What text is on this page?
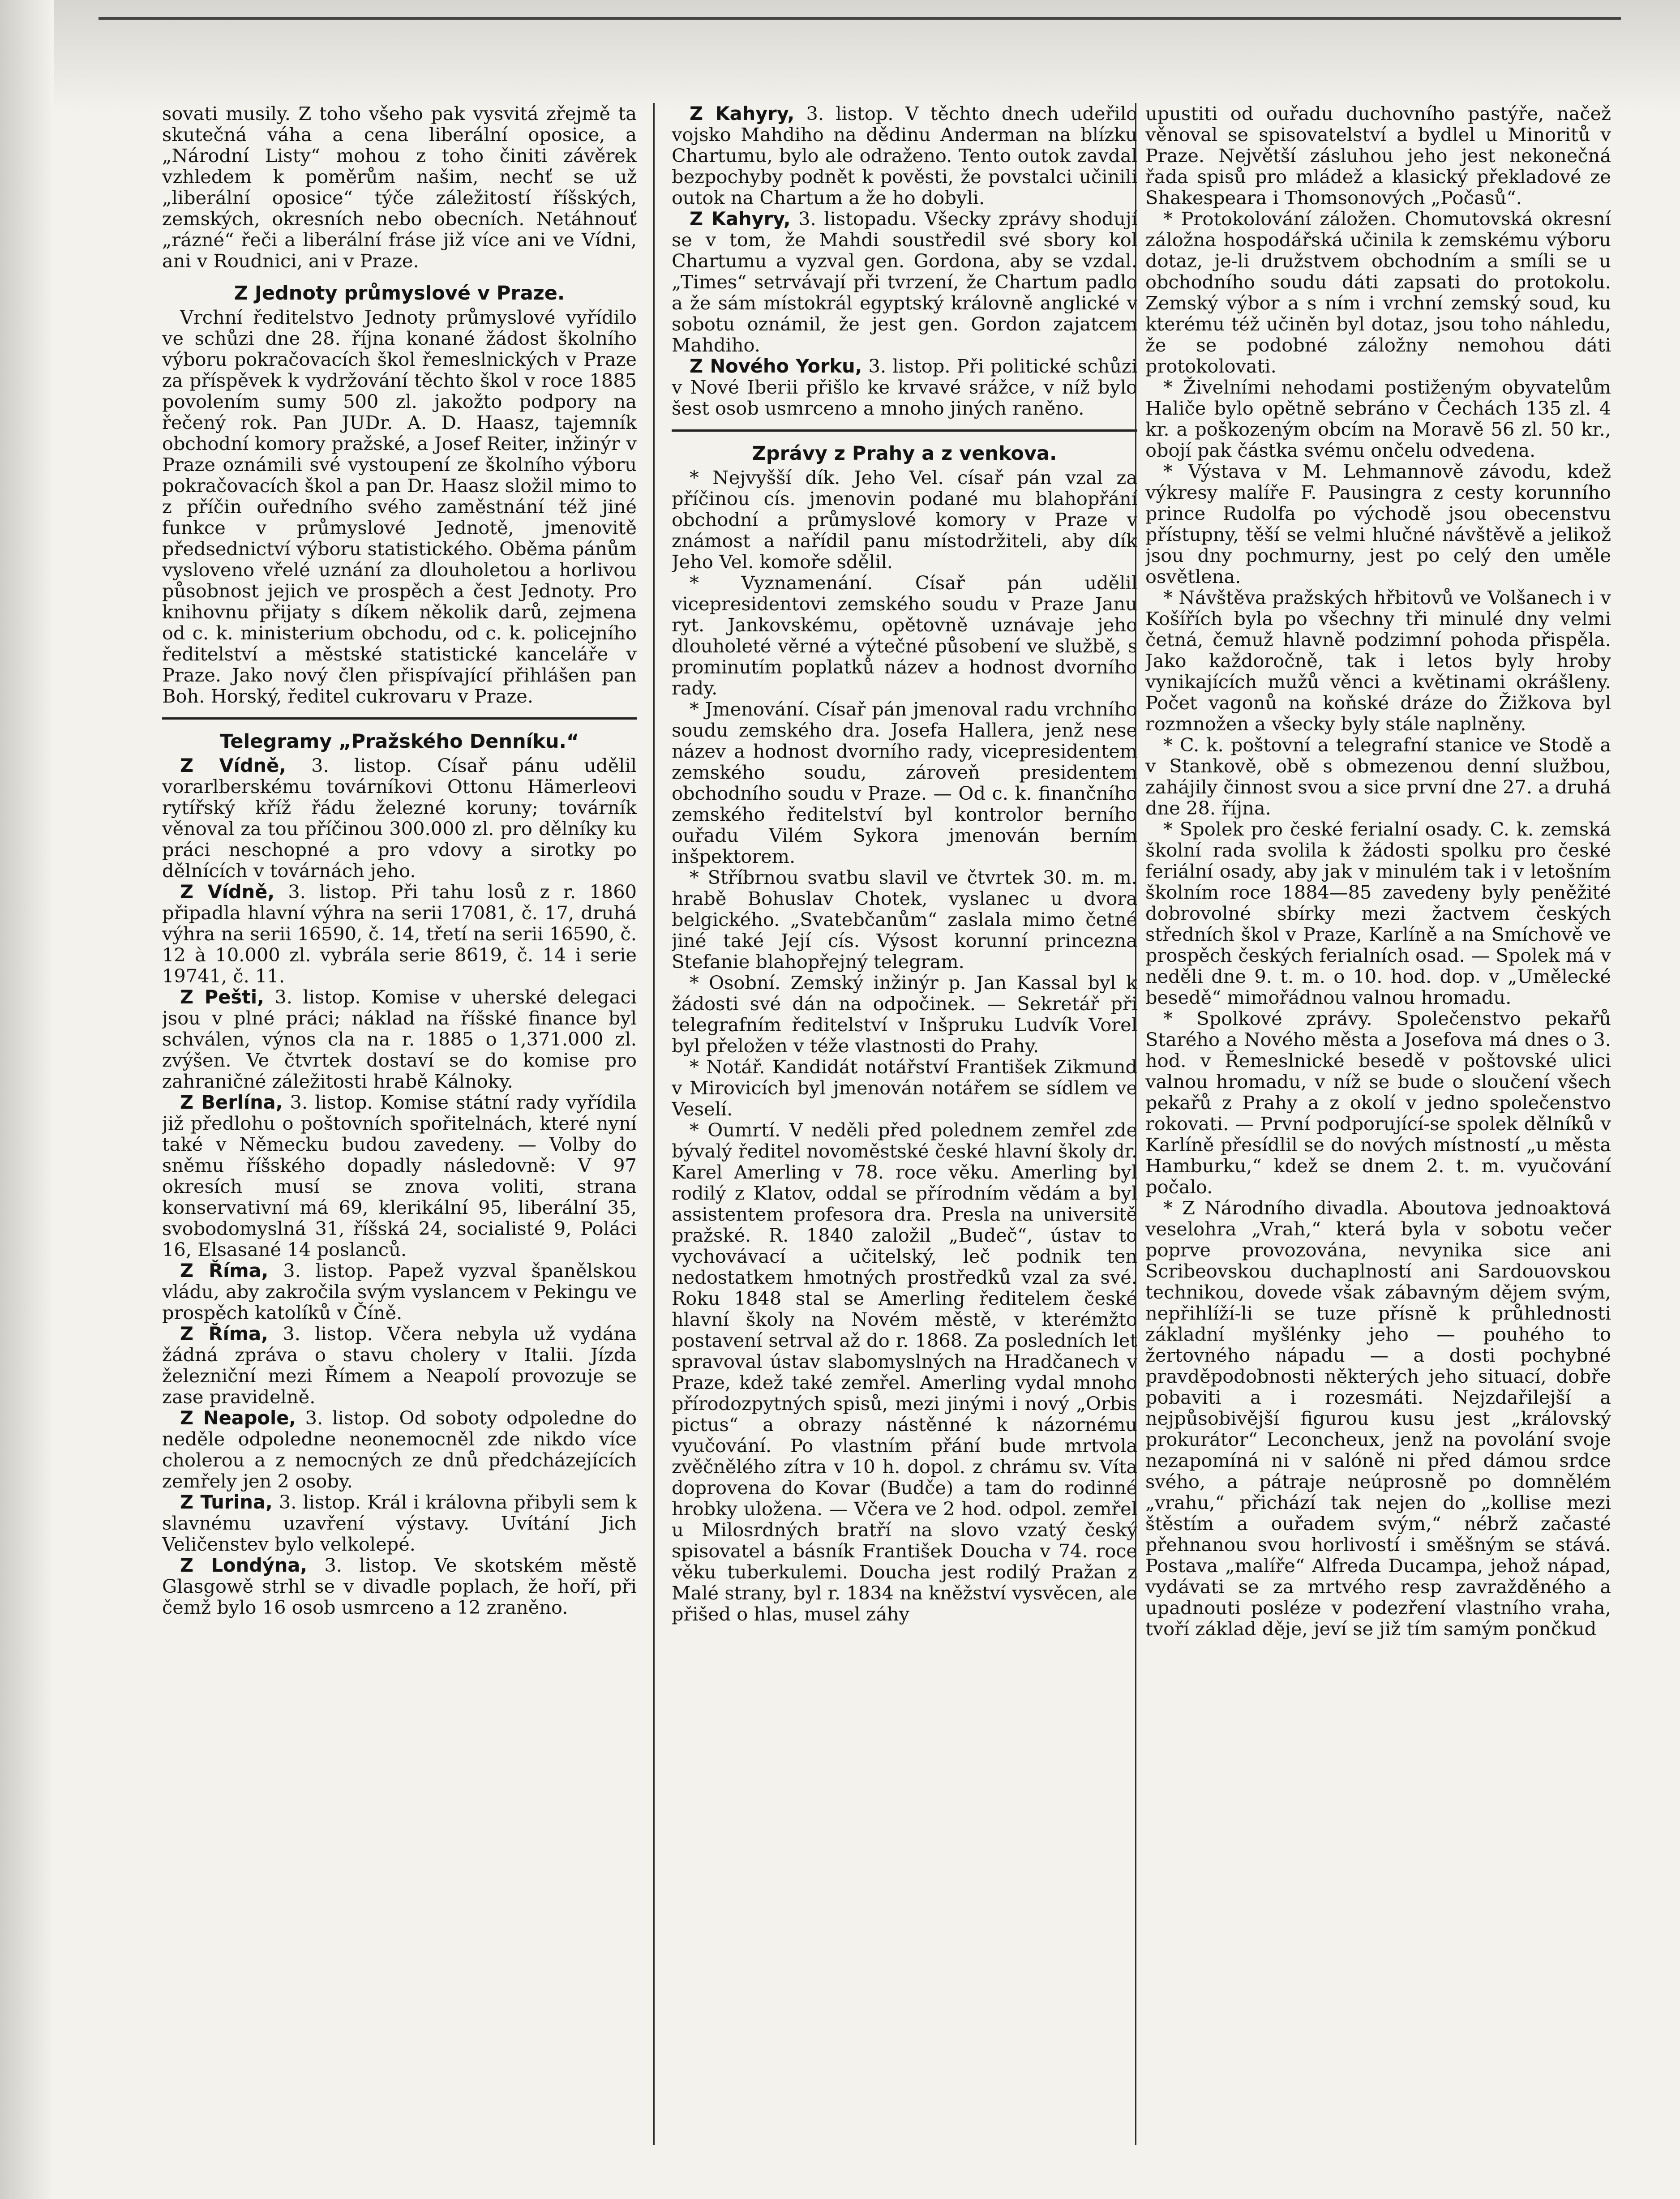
sovati musily. Z toho všeho pak vysvitá zřejmě ta skutečná váha a cena liberální oposice, a „Národní Listy“ mohou z toho činiti závěrek vzhledem k poměrům našim, nechť se už „liberální oposice“ týče záležitostí říšských, zemských, okresních nebo obecních. Netáhnouť „rázné“ řeči a liberální fráse již více ani ve Vídni, ani v Roudnici, ani v Praze.

Z Jednoty průmyslové v Praze.

Vrchní ředitelstvo Jednoty průmyslové vyřídilo ve schůzi dne 28. října konané žádost školního výboru pokračovacích škol řemeslnických v Praze za příspěvek k vydržování těchto škol v roce 1885 povolením sumy 500 zl. jakožto podpory na řečený rok. Pan JUDr. A. D. Haasz, tajemník obchodní komory pražské, a Josef Reiter, inžinýr v Praze oznámili své vystoupení ze školního výboru pokračovacích škol a pan Dr. Haasz složil mimo to z příčin ouředního svého zaměstnání též jiné funkce v průmyslové Jednotě, jmenovitě předsednictví výboru statistického. Oběma pánům vysloveno vřelé uznání za dlouholetou a horlivou působnost jejich ve prospěch a čest Jednoty. Pro knihovnu přijaty s díkem několik darů, zejmena od c. k. ministerium obchodu, od c. k. policejního ředitelství a městské statistické kanceláře v Praze. Jako nový člen přispívající přihlášen pan Boh. Horský, ředitel cukrovaru v Praze.

Telegramy „Pražského Denníku.“

Z Vídně, 3. listop. Císař pánu udělil vorarlberskému továrníkovi Ottonu Hämerleovi rytířský kříž řádu železné koruny; továrník věnoval za tou příčinou 300.000 zl. pro dělníky ku práci neschopné a pro vdovy a sirotky po dělnících v továrnách jeho.

Z Vídně, 3. listop. Při tahu losů z r. 1860 připadla hlavní výhra na serii 17081, č. 17, druhá výhra na serii 16590, č. 14, třetí na serii 16590, č. 12 à 10.000 zl. vybrála serie 8619, č. 14 i serie 19741, č. 11.

Z Pešti, 3. listop. Komise v uherské delegaci jsou v plné práci; náklad na říšské finance byl schválen, výnos cla na r. 1885 o 1,371.000 zl. zvýšen. Ve čtvrtek dostaví se do komise pro zahraničné záležitosti hrabě Kálnoky.

Z Berlína, 3. listop. Komise státní rady vyřídila již předlohu o poštovních spořitelnách, které nyní také v Německu budou zavedeny. — Volby do sněmu říšského dopadly následovně: V 97 okresích musí se znova voliti, strana konservativní má 69, klerikální 95, liberální 35, svobodomyslná 31, říšská 24, socialisté 9, Poláci 16, Elsasané 14 poslanců.

Z Říma, 3. listop. Papež vyzval španělskou vládu, aby zakročila svým vyslancem v Pekingu ve prospěch katolíků v Číně.

Z Říma, 3. listop. Včera nebyla už vydána žádná zpráva o stavu cholery v Italii. Jízda železniční mezi Římem a Neapolí provozuje se zase pravidelně.

Z Neapole, 3. listop. Od soboty odpoledne do neděle odpoledne neonemocněl zde nikdo více cholerou a z nemocných ze dnů předcházejících zemřely jen 2 osoby.

Z Turina, 3. listop. Král i královna přibyli sem k slavnému uzavření výstavy. Uvítání Jich Veličenstev bylo velkolepé.

Z Londýna, 3. listop. Ve skotském městě Glasgowě strhl se v divadle poplach, že hoří, při čemž bylo 16 osob usmrceno a 12 zraněno.

Z Kahyry, 3. listop. V těchto dnech udeřilo vojsko Mahdiho na dědinu Anderman na blízku Chartumu, bylo ale odraženo. Tento outok zavdal bezpochyby podnět k pověsti, že povstalci učinili outok na Chartum a že ho dobyli.

Z Kahyry, 3. listopadu. Všecky zprávy shodují se v tom, že Mahdi soustředil své sbory kol Chartumu a vyzval gen. Gordona, aby se vzdal. „Times“ setrvávají při tvrzení, že Chartum padlo a že sám místokrál egyptský královně anglické v sobotu oznámil, že jest gen. Gordon zajatcem Mahdiho.

Z Nového Yorku, 3. listop. Při politické schůzi v Nové Iberii přišlo ke krvavé srážce, v níž bylo šest osob usmrceno a mnoho jiných raněno.

Zprávy z Prahy a z venkova.

* Nejvyšší dík. Jeho Vel. císař pán vzal za příčinou cís. jmenovin podané mu blahopřání obchodní a průmyslové komory v Praze v známost a nařídil panu místodržiteli, aby dík Jeho Vel. komoře sdělil.

* Vyznamenání. Císař pán udělil vicepresidentovi zemského soudu v Praze Janu ryt. Jankovskému, opětovně uznávaje jeho dlouholeté věrné a výtečné působení ve službě, s prominutím poplatků název a hodnost dvorního rady.

* Jmenování. Císař pán jmenoval radu vrchního soudu zemského dra. Josefa Hallera, jenž nese název a hodnost dvorního rady, vicepresidentem zemského soudu, zároveň presidentem obchodního soudu v Praze. — Od c. k. finančního zemského ředitelství byl kontrolor berního ouřadu Vilém Sykora jmenován berním inšpektorem.

* Stříbrnou svatbu slavil ve čtvrtek 30. m. m. hrabě Bohuslav Chotek, vyslanec u dvora belgického. „Svatebčanům“ zaslala mimo četné jiné také Její cís. Výsost korunní princezna Stefanie blahopřejný telegram.

* Osobní. Zemský inžinýr p. Jan Kassal byl k žádosti své dán na odpočinek. — Sekretář při telegrafním ředitelství v Inšpruku Ludvík Vorel byl přeložen v téže vlastnosti do Prahy.

* Notář. Kandidát notářství František Zikmund v Mirovicích byl jmenován notářem se sídlem ve Veselí.

* Oumrtí. V neděli před polednem zemřel zde bývalý ředitel novoměstské české hlavní školy dr. Karel Amerling v 78. roce věku. Amerling byl rodilý z Klatov, oddal se přírodním vědám a byl assistentem profesora dra. Presla na universitě pražské. R. 1840 založil „Budeč“, ústav to vychovávací a učitelský, leč podnik ten nedostatkem hmotných prostředků vzal za své. Roku 1848 stal se Amerling ředitelem české hlavní školy na Novém městě, v kterémžto postavení setrval až do r. 1868. Za posledních let spravoval ústav slabomyslných na Hradčanech v Praze, kdež také zemřel. Amerling vydal mnoho přírodozpytných spisů, mezi jinými i nový „Orbis pictus“ a obrazy nástěnné k názornému vyučování. Po vlastním přání bude mrtvola zvěčnělého zítra v 10 h. dopol. z chrámu sv. Víta doprovena do Kovar (Budče) a tam do rodinné hrobky uložena. — Včera ve 2 hod. odpol. zemřel u Milosrdných bratří na slovo vzatý český spisovatel a básník František Doucha v 74. roce věku tuberkulemi. Doucha jest rodilý Pražan z Malé strany, byl r. 1834 na kněžství vysvěcen, ale přišed o hlas, musel záhy

upustiti od ouřadu duchovního pastýře, načež věnoval se spisovatelství a bydlel u Minoritů v Praze. Největší zásluhou jeho jest nekonečná řada spisů pro mládež a klasický překladové ze Shakespeara i Thomsonových „Počasů“.

* Protokolování záložen. Chomutovská okresní záložna hospodářská učinila k zemskému výboru dotaz, je-li družstvem obchodním a smíli se u obchodního soudu dáti zapsati do protokolu. Zemský výbor a s ním i vrchní zemský soud, ku kterému též učiněn byl dotaz, jsou toho náhledu, že se podobné záložny nemohou dáti protokolovati.

* Živelními nehodami postiženým obyvatelům Haliče bylo opětně sebráno v Čechách 135 zl. 4 kr. a poškozeným obcím na Moravě 56 zl. 50 kr., obojí pak částka svému ončelu odvedena.

* Výstava v M. Lehmannově závodu, kdež výkresy malíře F. Pausingra z cesty korunního prince Rudolfa po východě jsou obecenstvu přístupny, těší se velmi hlučné návštěvě a jelikož jsou dny pochmurny, jest po celý den uměle osvětlena.

* Návštěva pražských hřbitovů ve Volšanech i v Košířích byla po všechny tři minulé dny velmi četná, čemuž hlavně podzimní pohoda přispěla. Jako každoročně, tak i letos byly hroby vynikajících mužů věnci a květinami okrášleny. Počet vagonů na koňské dráze do Žižkova byl rozmnožen a všecky byly stále naplněny.

* C. k. poštovní a telegrafní stanice ve Stodě a v Stankově, obě s obmezenou denní službou, zahájily činnost svou a sice první dne 27. a druhá dne 28. října.

* Spolek pro české ferialní osady. C. k. zemská školní rada svolila k žádosti spolku pro české feriální osady, aby jak v minulém tak i v letošním školním roce 1884—85 zavedeny byly peněžité dobrovolné sbírky mezi žactvem českých středních škol v Praze, Karlíně a na Smíchově ve prospěch českých ferialních osad. — Spolek má v neděli dne 9. t. m. o 10. hod. dop. v „Umělecké besedě“ mimořádnou valnou hromadu.

* Spolkové zprávy. Společenstvo pekařů Starého a Nového města a Josefova má dnes o 3. hod. v Řemeslnické besedě v poštovské ulici valnou hromadu, v níž se bude o sloučení všech pekařů z Prahy a z okolí v jedno společenstvo rokovati. — První podporující-se spolek dělníků v Karlíně přesídlil se do nových místností „u města Hamburku,“ kdež se dnem 2. t. m. vyučování počalo.

* Z Národního divadla. Aboutova jednoaktová veselohra „Vrah,“ která byla v sobotu večer poprve provozována, nevynika sice ani Scribeovskou duchaplností ani Sardouovskou technikou, dovede však zábavným dějem svým, nepřihlíží-li se tuze přísně k průhlednosti základní myšlénky jeho — pouhého to žertovného nápadu — a dosti pochybné pravděpodobnosti některých jeho situací, dobře pobaviti a i rozesmáti. Nejzdařilejší a nejpůsobivější figurou kusu jest „královský prokurátor“ Leconcheux, jenž na povolání svoje nezapomíná ni v salóně ni před dámou srdce svého, a pátraje neúprosně po domnělém „vrahu,“ přichází tak nejen do „kollise mezi štěstím a ouřadem svým,“ nébrž začasté přehnanou svou horlivostí i směšným se stává. Postava „malíře“ Alfreda Ducampa, jehož nápad, vydávati se za mrtvého resp zavražděného a upadnouti posléze v podezření vlastního vraha, tvoří základ děje, jeví se již tím samým pončkud
